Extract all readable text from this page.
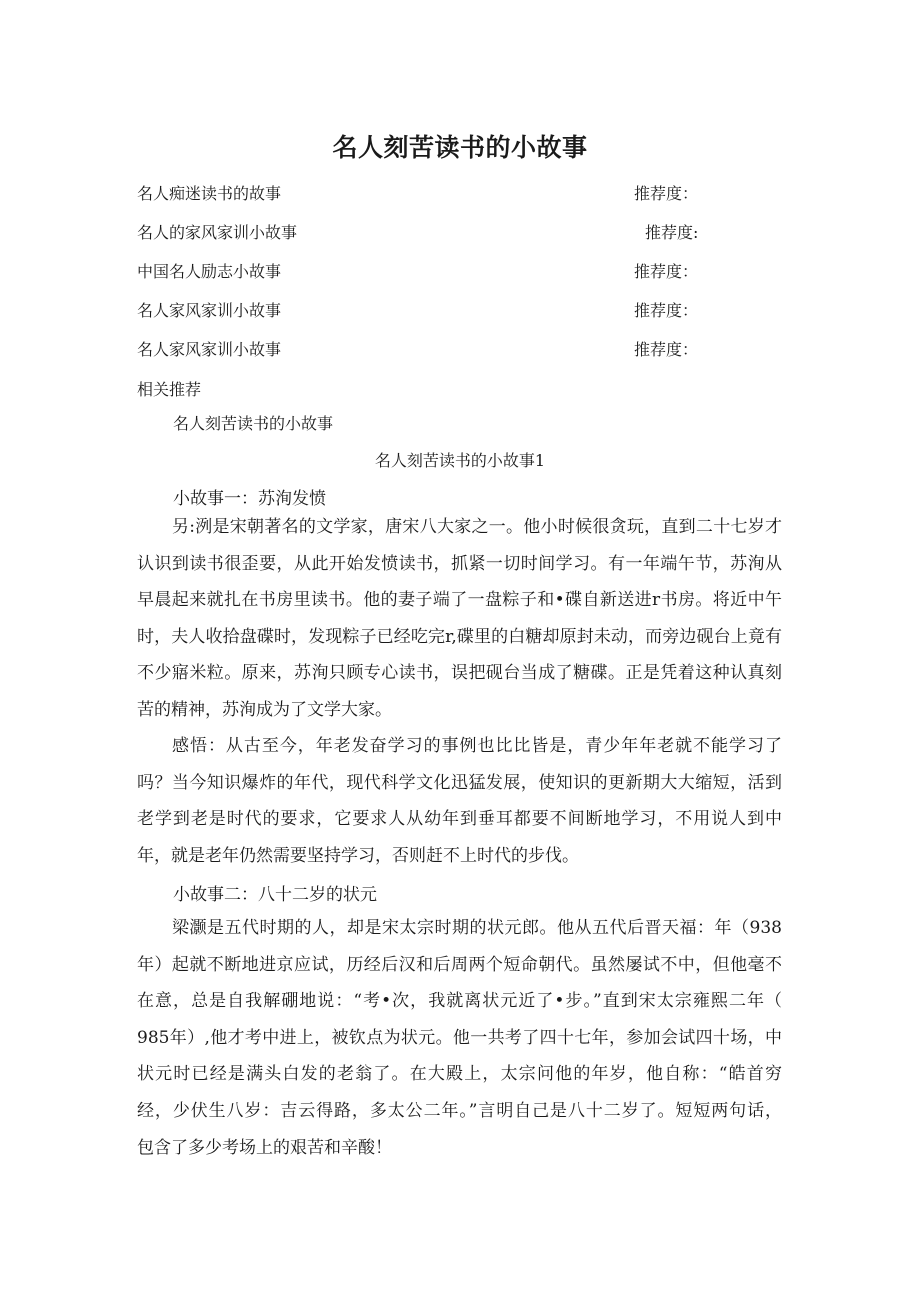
名人刻苦读书的小故事
名人痴迷读书的故事	推荐度：
名人的家风家训小故事	推荐度:
中国名人励志小故事	推荐度：
名人家风家训小故事	推荐度：
名人家风家训小故事	推荐度：
相关推荐
名人刻苦读书的小故事
名人刻苦读书的小故事1
小故事一：苏洵发愤
另:洌是宋朝著名的文学家，唐宋八大家之一。他小时候很贪玩，直到二十七岁才
认识到读书很歪要，从此开始发愤读书，抓紧一切时间学习。有一年端午节，苏洵从
早晨起来就扎在书房里读书。他的妻子端了一盘粽子和•碟自新送进r书房。将近中午
时，夫人收拾盘碟时，发现粽子已经吃完r,碟里的白糖却原封未动，而旁边砚台上竟有
不少寤米粒。原来，苏洵只顾专心读书，误把砚台当成了糖碟。正是凭着这种认真刻
苦的精神，苏洵成为了文学大家。
感悟：从古至今，年老发奋学习的事例也比比皆是，青少年年老就不能学习了
吗？当今知识爆炸的年代，现代科学文化迅猛发展，使知识的更新期大大缩短，活到
老学到老是时代的要求，它要求人从幼年到垂耳都要不间断地学习，不用说人到中
年，就是老年仍然需要坚持学习，否则赶不上时代的步伐。
小故事二：八十二岁的状元
梁灏是五代时期的人，却是宋太宗时期的状元郎。他从五代后晋天福：年（938
年）起就不断地进京应试，历经后汉和后周两个短命朝代。虽然屡试不中，但他毫不
在意，总是自我解硼地说：“考•次，我就离状元近了•步。”直到宋太宗雍熙二年（
985年）,他才考中进上，被钦点为状元。他一共考了四十七年，参加会试四十场，中
状元时已经是满头白发的老翁了。在大殿上，太宗问他的年岁，他自称：“皓首穷
经，少伏生八岁：吉云得路，多太公二年。”言明自己是八十二岁了。短短两句话，
包含了多少考场上的艰苦和辛酸！
